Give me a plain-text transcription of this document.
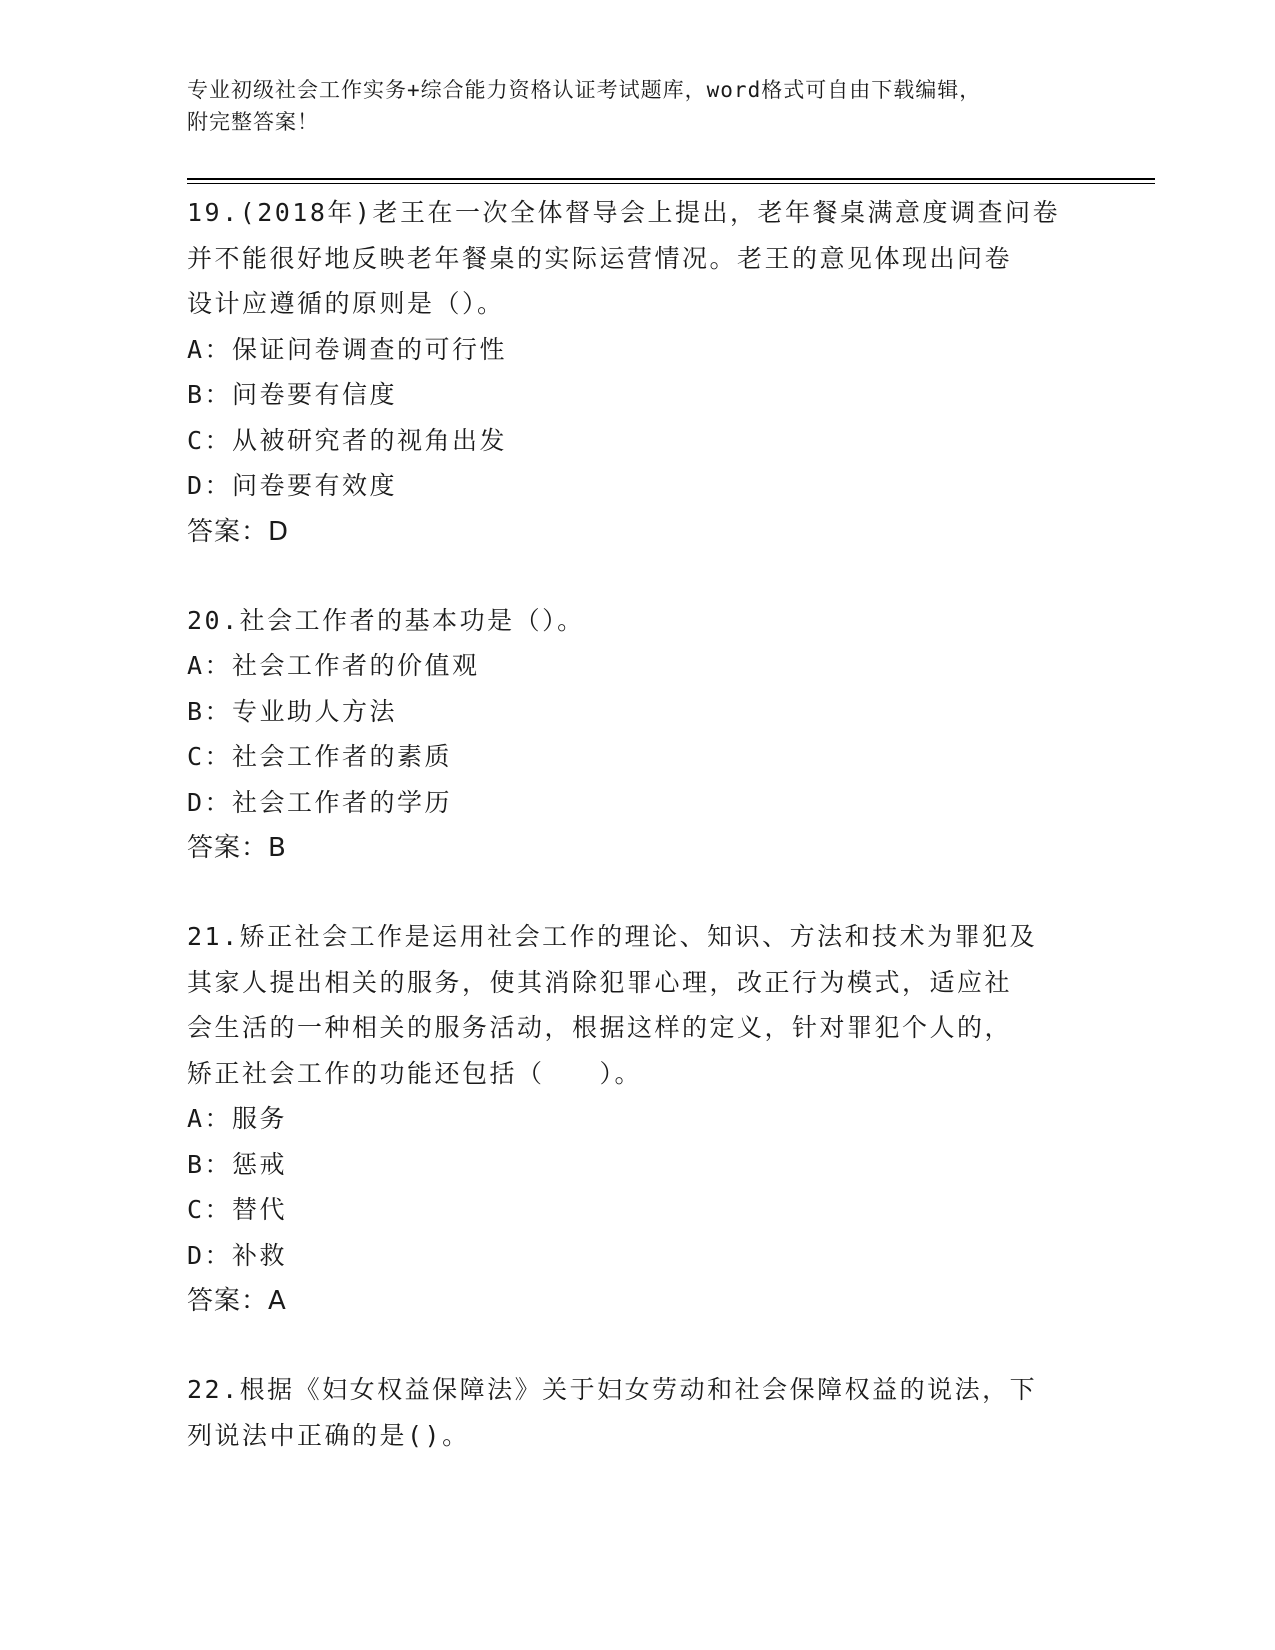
专业初级社会工作实务+综合能力资格认证考试题库，word格式可自由下载编辑，
附完整答案！

19.(2018年)老王在一次全体督导会上提出，老年餐桌满意度调查问卷

并不能很好地反映老年餐桌的实际运营情况。老王的意见体现出问卷

设计应遵循的原则是（）。

A：保证问卷调查的可行性

B：问卷要有信度

C：从被研究者的视角出发

D：问卷要有效度

答案：D

20.社会工作者的基本功是（）。

A：社会工作者的价值观

B：专业助人方法

C：社会工作者的素质

D：社会工作者的学历

答案：B

21.矫正社会工作是运用社会工作的理论、知识、方法和技术为罪犯及

其家人提出相关的服务，使其消除犯罪心理，改正行为模式，适应社

会生活的一种相关的服务活动，根据这样的定义，针对罪犯个人的，

矫正社会工作的功能还包括（　　）。

A：服务

B：惩戒

C：替代

D：补救

答案：A

22.根据《妇女权益保障法》关于妇女劳动和社会保障权益的说法，下

列说法中正确的是()。
